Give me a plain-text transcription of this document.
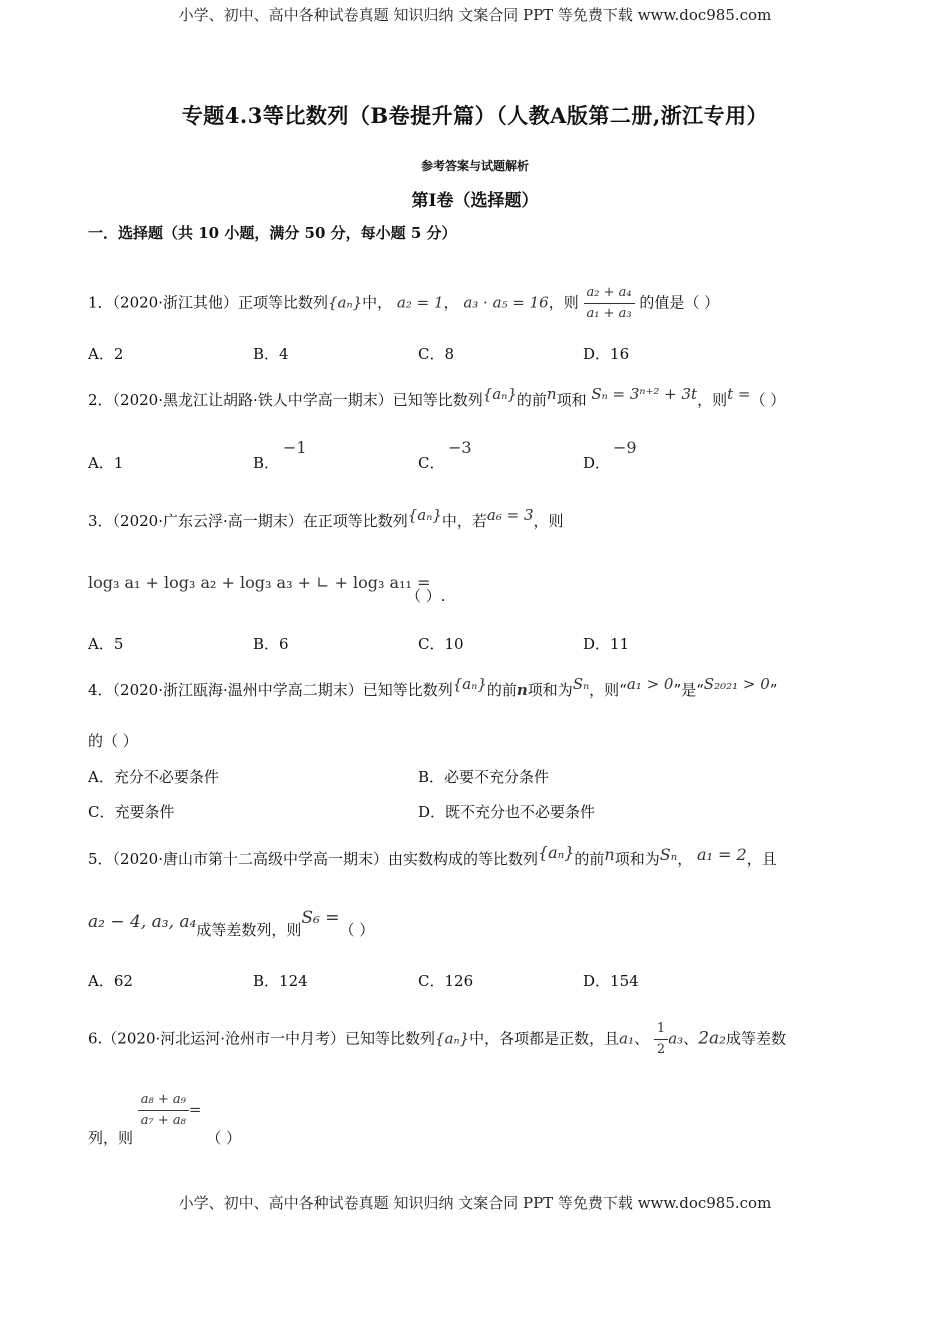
小学、初中、高中各种试卷真题 知识归纳 文案合同 PPT 等免费下载 www.doc985.com
专题4.3等比数列（B卷提升篇）（人教A版第二册,浙江专用）
参考答案与试题解析
第Ⅰ卷（选择题）
一．选择题（共 10 小题，满分 50 分，每小题 5 分）
1．（2020·浙江其他）正项等比数列{aₙ}中， a₂ = 1， a₃ · a₅ = 16，则 $\frac{\text{a₂ + a₄}}{\text{a₁ + a₃}}$ 的值是（ ）
A．2	B．4	C．8	D．16
2．（2020·黑龙江让胡路·铁人中学高一期末）已知等比数列{aₙ}的前n项和 Sₙ = 3ⁿ⁺² + 3t，则t =（ ）
A．1	B．
−1
C．
−3
D．
−9
3．（2020·广东云浮·高一期末）在正项等比数列{aₙ}中，若a₆ = 3，则
log₃ a₁ + log₃ a₂ + log₃ a₃ + ∟ + log₃ a₁₁ =
（ ）.
A．5	B．6	C．10	D．11
4．（2020·浙江瓯海·温州中学高二期末）已知等比数列{aₙ}的前n项和为Sₙ，则“a₁ > 0”是“S₂₀₂₁ > 0”
的（ ）
A．充分不必要条件	B．必要不充分条件
C．充要条件	D．既不充分也不必要条件
5．（2020·唐山市第十二高级中学高一期末）由实数构成的等比数列{aₙ}的前n项和为Sₙ， a₁ = 2，且
a₂ − 4, a₃, a₄成等差数列，则S₆ =（ ）
A．62	B．124	C．126	D．154
6.（2020·河北运河·沧州市一中月考）已知等比数列{aₙ}中，各项都是正数，且a₁、 $\frac{1}{2} a_3$、2a₂成等差数
列，则
$\frac{\text{a₈ + a₉}}{\text{a₇ + a₈}}$ = （ ）
小学、初中、高中各种试卷真题 知识归纳 文案合同 PPT 等免费下载 www.doc985.com
